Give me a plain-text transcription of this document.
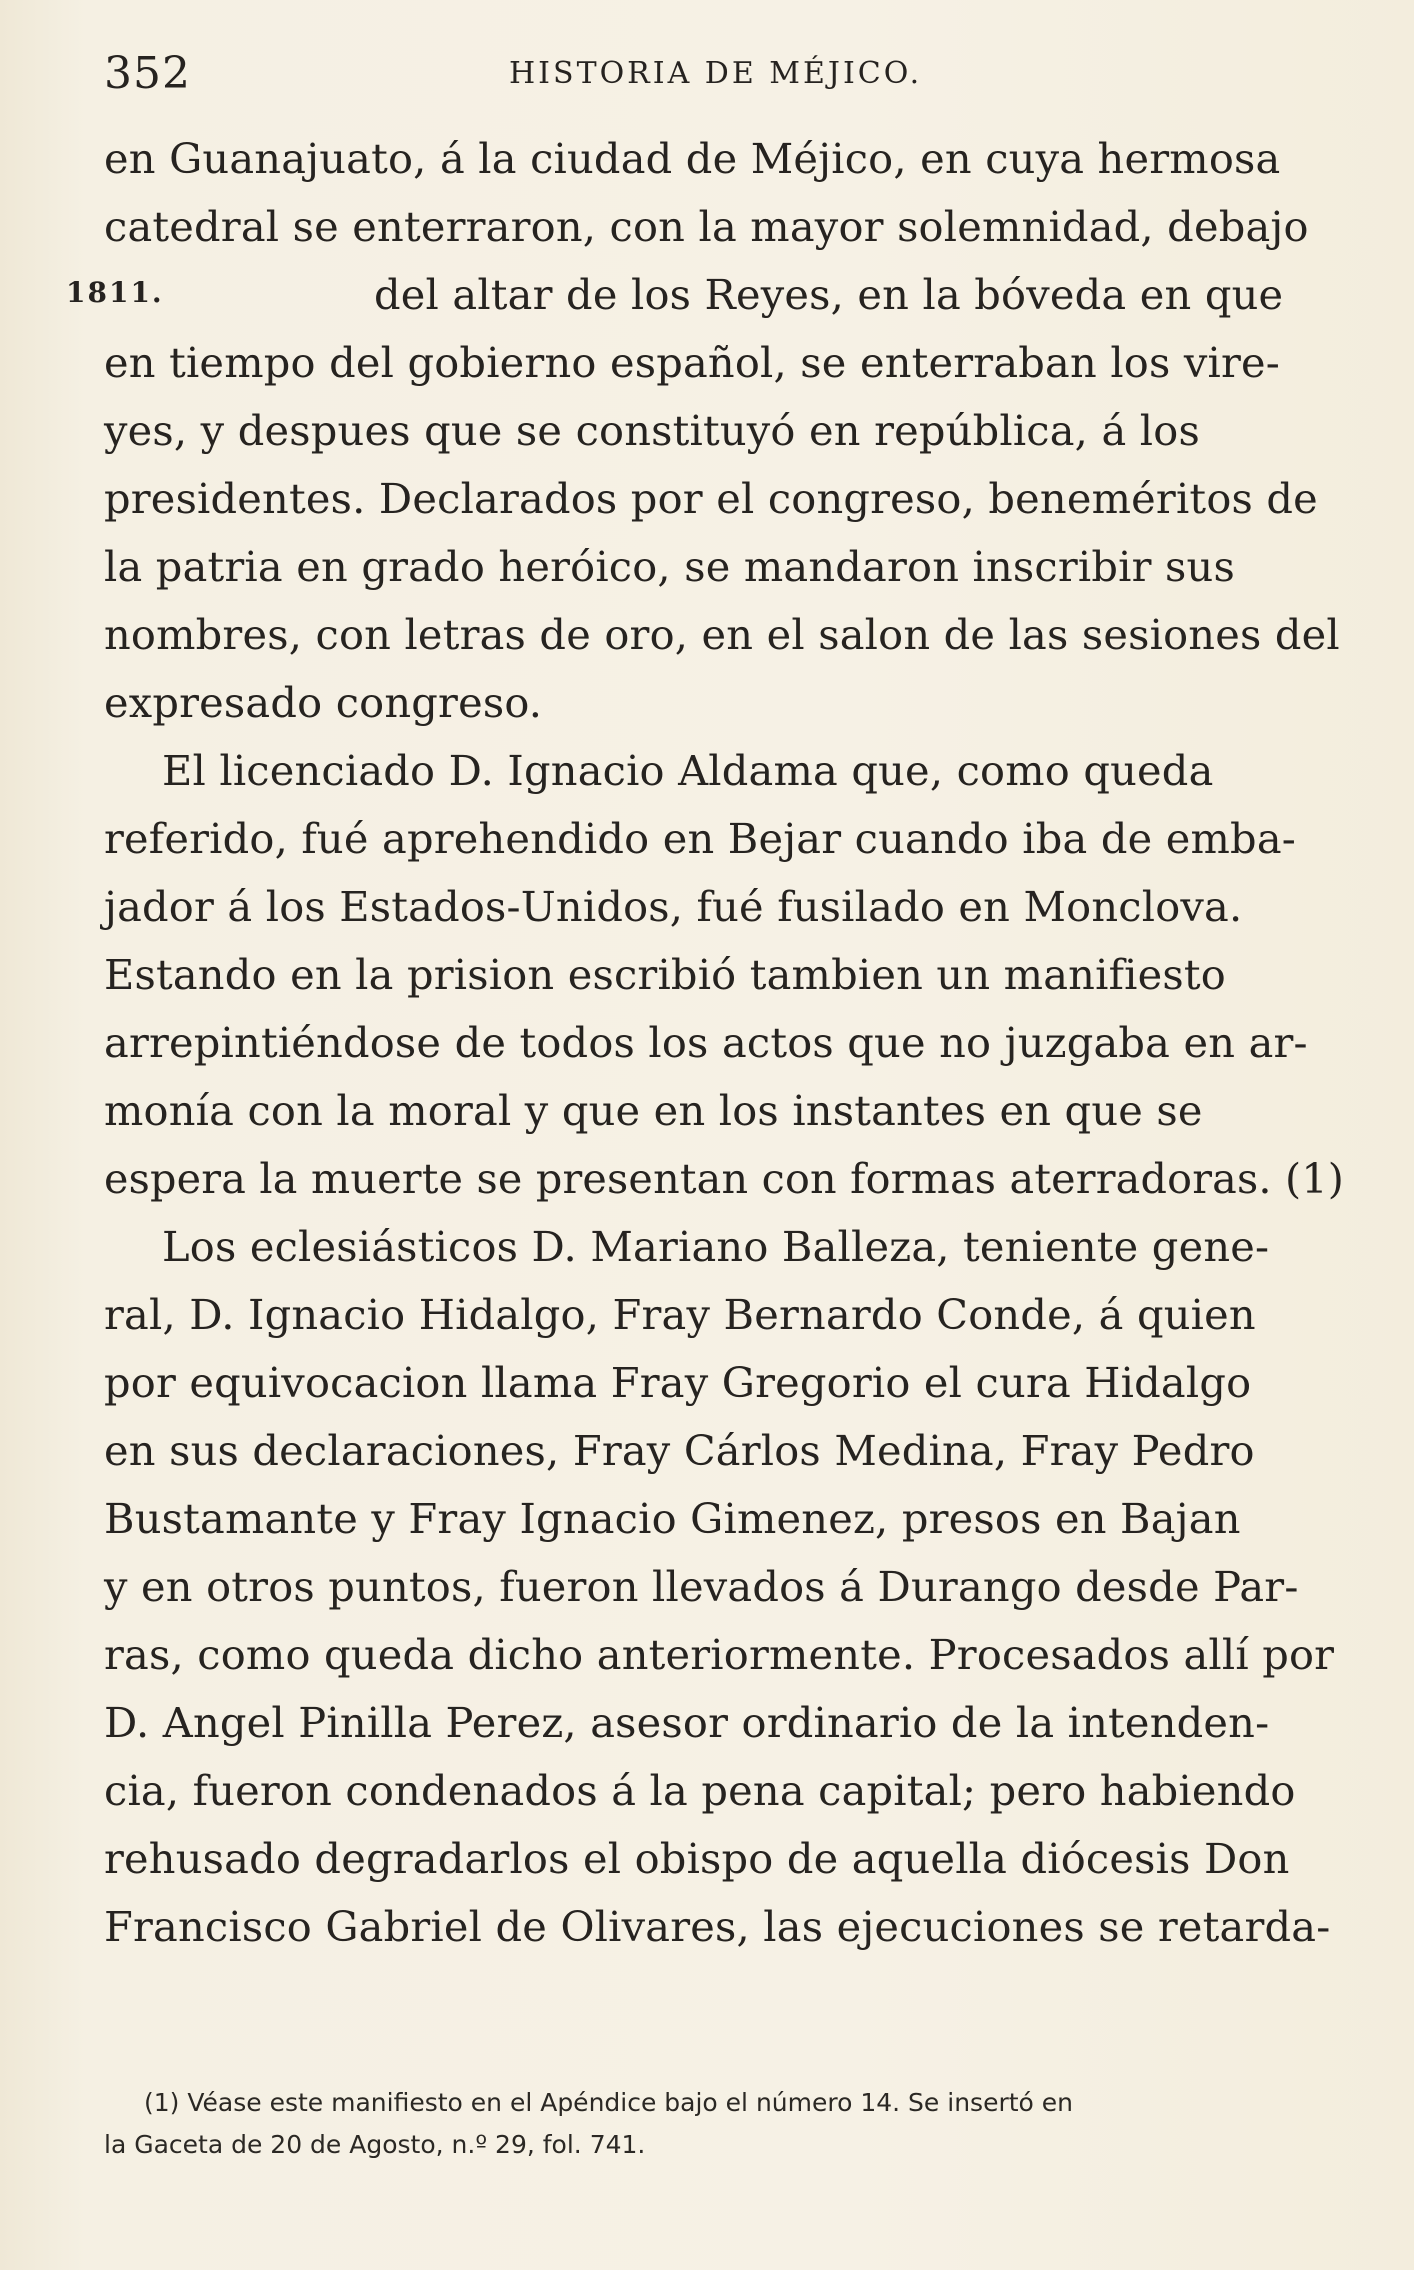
352	HISTORIA DE MÉJICO.
en Guanajuato, á la ciudad de Méjico, en cuya hermosa
catedral se enterraron, con la mayor solemnidad, debajo
1811.	del altar de los Reyes, en la bóveda en que
en tiempo del gobierno español, se enterraban los vire-
yes, y despues que se constituyó en república, á los
presidentes. Declarados por el congreso, beneméritos de
la patria en grado heróico, se mandaron inscribir sus
nombres, con letras de oro, en el salon de las sesiones del
expresado congreso.
El licenciado D. Ignacio Aldama que, como queda
referido, fué aprehendido en Bejar cuando iba de emba-
jador á los Estados-Unidos, fué fusilado en Monclova.
Estando en la prision escribió tambien un manifiesto
arrepintiéndose de todos los actos que no juzgaba en ar-
monía con la moral y que en los instantes en que se
espera la muerte se presentan con formas aterradoras. (1)
Los eclesiásticos D. Mariano Balleza, teniente gene-
ral, D. Ignacio Hidalgo, Fray Bernardo Conde, á quien
por equivocacion llama Fray Gregorio el cura Hidalgo
en sus declaraciones, Fray Cárlos Medina, Fray Pedro
Bustamante y Fray Ignacio Gimenez, presos en Bajan
y en otros puntos, fueron llevados á Durango desde Par-
ras, como queda dicho anteriormente. Procesados allí por
D. Angel Pinilla Perez, asesor ordinario de la intenden-
cia, fueron condenados á la pena capital; pero habiendo
rehusado degradarlos el obispo de aquella diócesis Don
Francisco Gabriel de Olivares, las ejecuciones se retarda-
(1) Véase este manifiesto en el Apéndice bajo el número 14. Se insertó en
la Gaceta de 20 de Agosto, n.º 29, fol. 741.
